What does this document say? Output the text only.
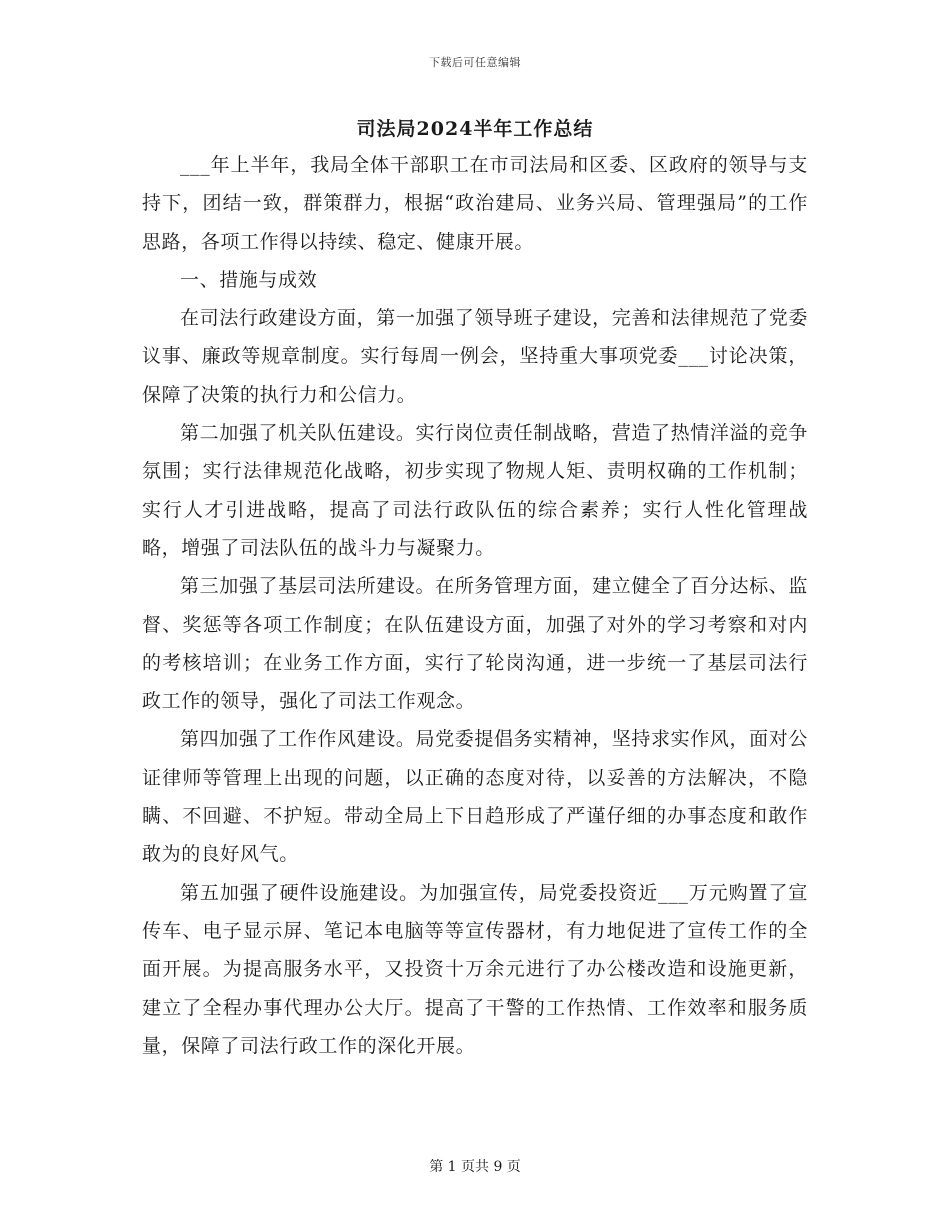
下载后可任意编辑
司法局2024半年工作总结

___年上半年，我局全体干部职工在市司法局和区委、区政府的领导与支持下，团结一致，群策群力，根据“政治建局、业务兴局、管理强局”的工作思路，各项工作得以持续、稳定、健康开展。

一、措施与成效

在司法行政建设方面，第一加强了领导班子建设，完善和法律规范了党委议事、廉政等规章制度。实行每周一例会，坚持重大事项党委___讨论决策，保障了决策的执行力和公信力。

第二加强了机关队伍建设。实行岗位责任制战略，营造了热情洋溢的竞争氛围；实行法律规范化战略，初步实现了物规人矩、责明权确的工作机制；实行人才引进战略，提高了司法行政队伍的综合素养；实行人性化管理战略，增强了司法队伍的战斗力与凝聚力。

第三加强了基层司法所建设。在所务管理方面，建立健全了百分达标、监督、奖惩等各项工作制度；在队伍建设方面，加强了对外的学习考察和对内的考核培训；在业务工作方面，实行了轮岗沟通，进一步统一了基层司法行政工作的领导，强化了司法工作观念。

第四加强了工作作风建设。局党委提倡务实精神，坚持求实作风，面对公证律师等管理上出现的问题，以正确的态度对待，以妥善的方法解决，不隐瞒、不回避、不护短。带动全局上下日趋形成了严谨仔细的办事态度和敢作敢为的良好风气。

第五加强了硬件设施建设。为加强宣传，局党委投资近___万元购置了宣传车、电子显示屏、笔记本电脑等等宣传器材，有力地促进了宣传工作的全面开展。为提高服务水平，又投资十万余元进行了办公楼改造和设施更新，建立了全程办事代理办公大厅。提高了干警的工作热情、工作效率和服务质量，保障了司法行政工作的深化开展。

第 1 页共 9 页
